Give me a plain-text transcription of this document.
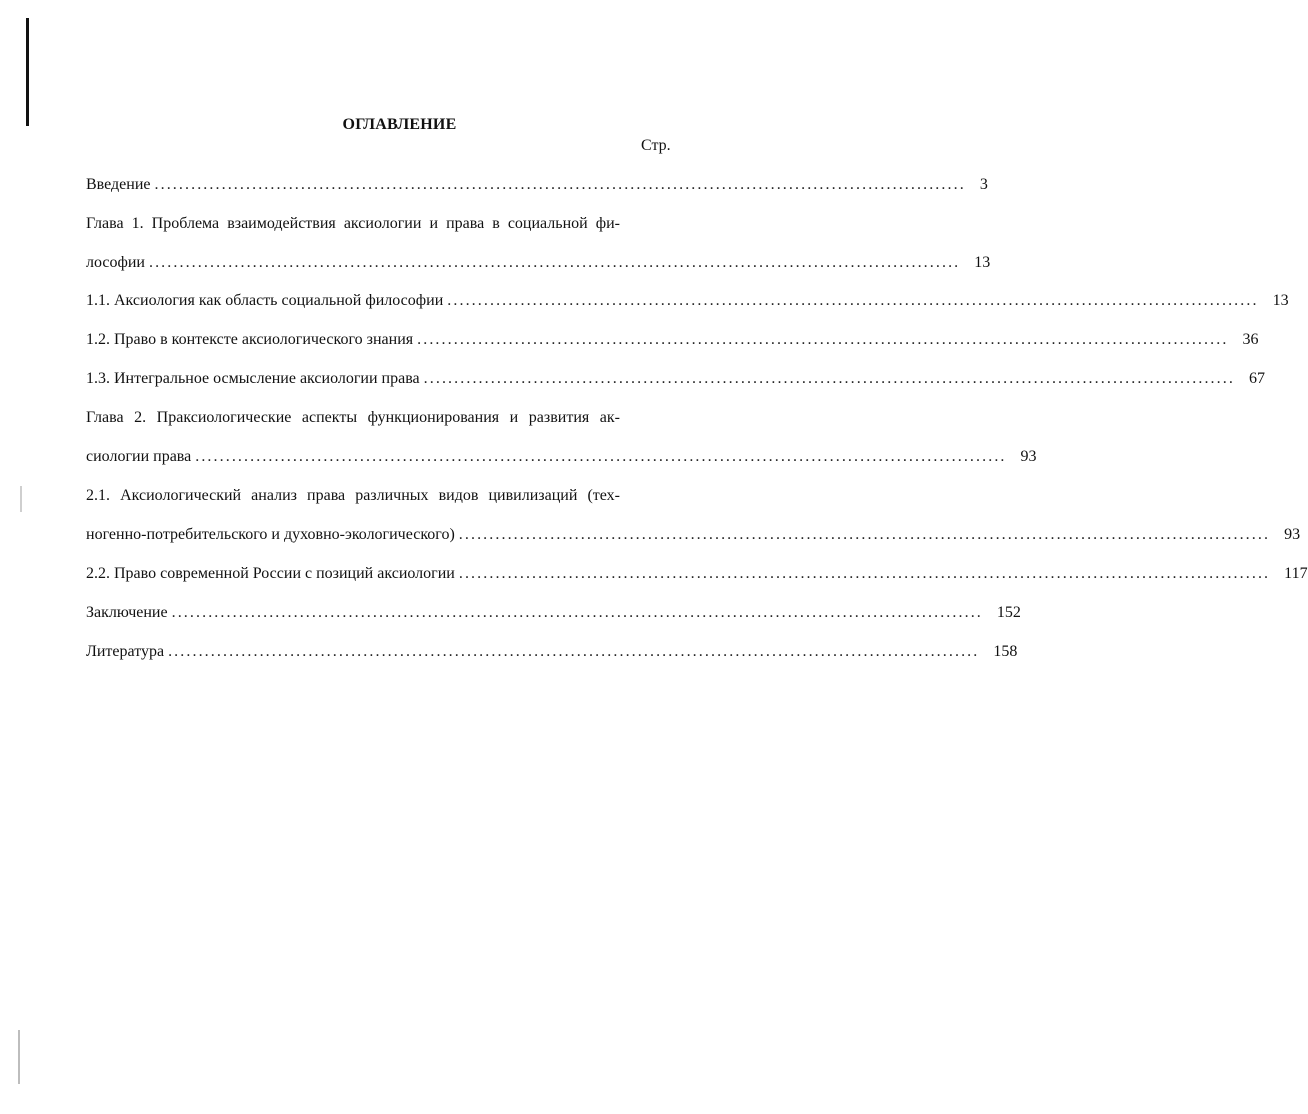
ОГЛАВЛЕНИЕ
Стр.
Введение ..................................................................................................................................... 3
Глава 1. Проблема взаимодействия аксиологии и права в социальной фи-
лософии ..................................................................................................................................... 13
1.1. Аксиология как область социальной философии ..................................................................................................................................... 13
1.2. Право в контексте аксиологического знания ..................................................................................................................................... 36
1.3. Интегральное осмысление аксиологии права ..................................................................................................................................... 67
Глава 2. Праксиологические аспекты функционирования и развития ак-
сиологии права ..................................................................................................................................... 93
2.1. Аксиологический анализ права различных видов цивилизаций (тех-
ногенно-потребительского и духовно-экологического) ..................................................................................................................................... 93
2.2. Право современной России с позиций аксиологии ..................................................................................................................................... 117
Заключение ..................................................................................................................................... 152
Литература ..................................................................................................................................... 158
